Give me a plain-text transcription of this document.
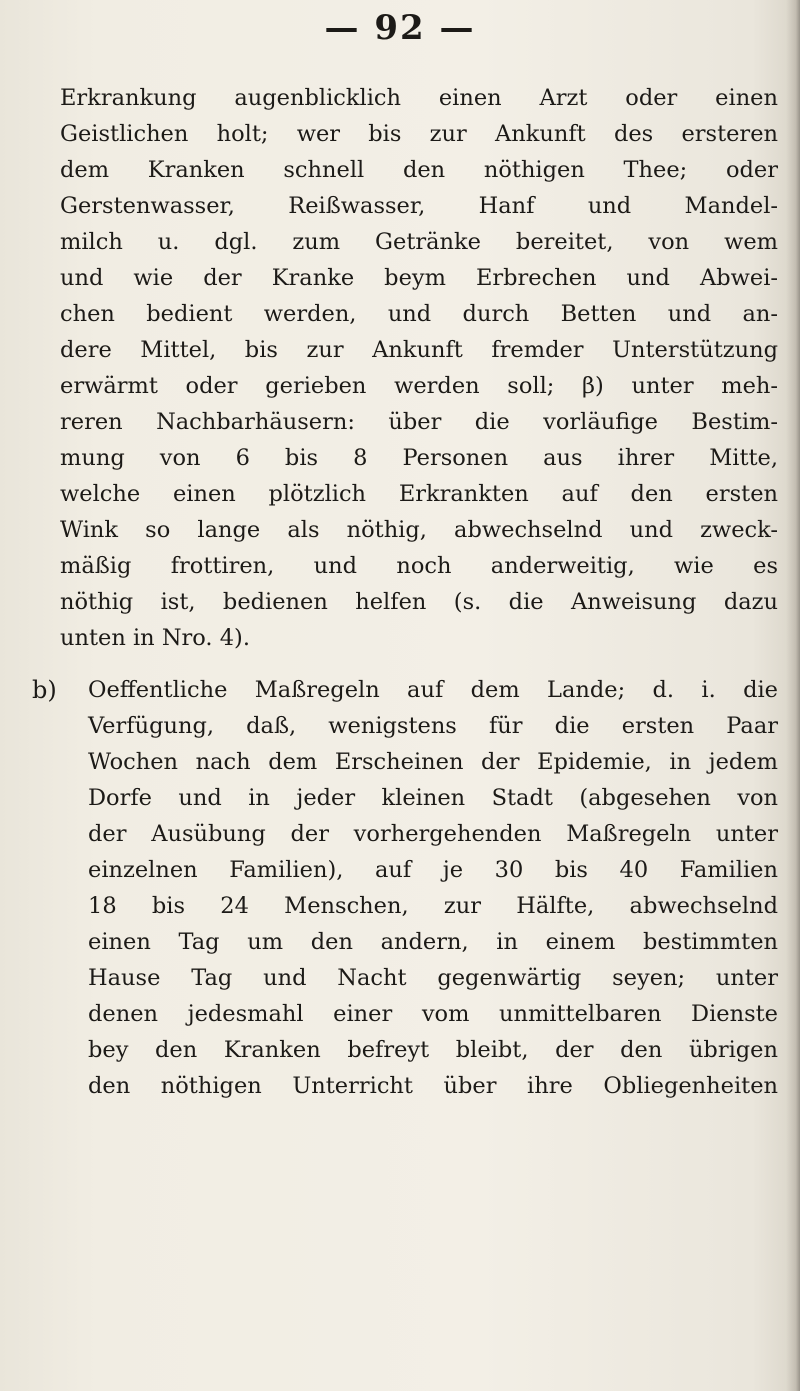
— 92 —
Erkrankung augenblicklich einen Arzt oder einen
Geistlichen holt; wer bis zur Ankunft des ersteren
dem Kranken schnell den nöthigen Thee; oder
Gerstenwasser, Reißwasser, Hanf und Mandel-
milch u. dgl. zum Getränke bereitet, von wem
und wie der Kranke beym Erbrechen und Abwei-
chen bedient werden, und durch Betten und an-
dere Mittel, bis zur Ankunft fremder Unterstützung
erwärmt oder gerieben werden soll; β) unter meh-
reren Nachbarhäusern: über die vorläufige Bestim-
mung von 6 bis 8 Personen aus ihrer Mitte,
welche einen plötzlich Erkrankten auf den ersten
Wink so lange als nöthig, abwechselnd und zweck-
mäßig frottiren, und noch anderweitig, wie es
nöthig ist, bedienen helfen (s. die Anweisung dazu
unten in Nro. 4).
b) Oeffentliche Maßregeln auf dem Lande; d. i. die
Verfügung, daß, wenigstens für die ersten Paar
Wochen nach dem Erscheinen der Epidemie, in jedem
Dorfe und in jeder kleinen Stadt (abgesehen von
der Ausübung der vorhergehenden Maßregeln unter
einzelnen Familien), auf je 30 bis 40 Familien
18 bis 24 Menschen, zur Hälfte, abwechselnd
einen Tag um den andern, in einem bestimmten
Hause Tag und Nacht gegenwärtig seyen; unter
denen jedesmahl einer vom unmittelbaren Dienste
bey den Kranken befreyt bleibt, der den übrigen
den nöthigen Unterricht über ihre Obliegenheiten
